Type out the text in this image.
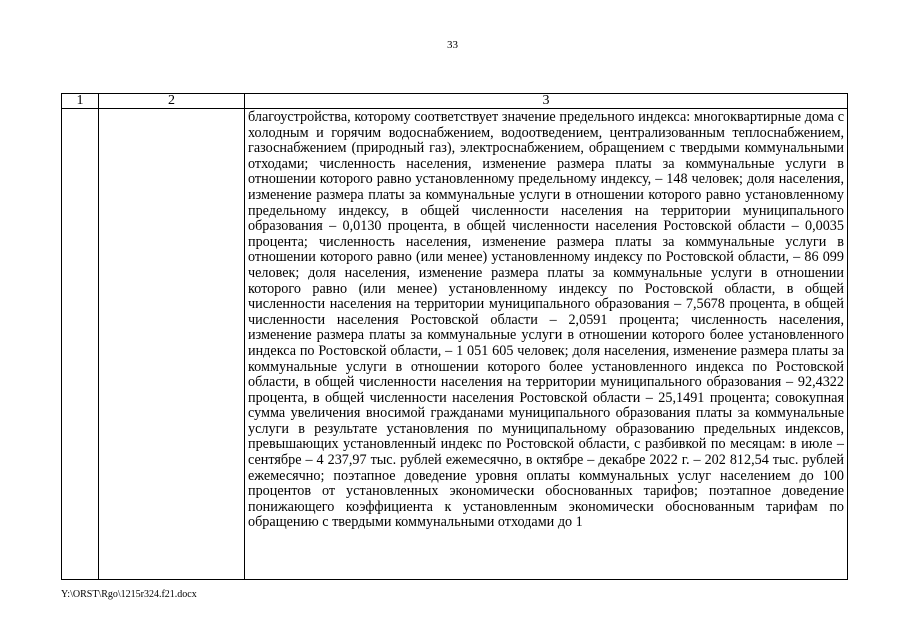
33
1	2	3
		благоустройства, которому соответствует значение предельного индекса: многоквартирные дома с холодным и горячим водоснабжением, водоотведением, централизованным теплоснабжением, газоснабжением (природный газ), электроснабжением, обращением с твердыми коммунальными отходами; численность населения, изменение размера платы за коммунальные услуги в отношении которого равно установленному предельному индексу, – 148 человек; доля населения, изменение размера платы за коммунальные услуги в отношении которого равно установленному предельному индексу, в общей численности населения на территории муниципального образования – 0,0130 процента, в общей численности населения Ростовской области – 0,0035 процента; численность населения, изменение размера платы за коммунальные услуги в отношении которого равно (или менее) установленному индексу по Ростовской области, – 86 099 человек; доля населения, изменение размера платы за коммунальные услуги в отношении которого равно (или менее) установленному индексу по Ростовской области, в общей численности населения на территории муниципального образования – 7,5678 процента, в общей численности населения Ростовской области – 2,0591 процента; численность населения, изменение размера платы за коммунальные услуги в отношении которого более установленного индекса по Ростовской области, – 1 051 605 человек; доля населения, изменение размера платы за коммунальные услуги в отношении которого более установленного индекса по Ростовской области, в общей численности населения на территории муниципального образования – 92,4322 процента, в общей численности населения Ростовской области – 25,1491 процента; совокупная сумма увеличения вносимой гражданами муниципального образования платы за коммунальные услуги в результате установления по муниципальному образованию предельных индексов, превышающих установленный индекс по Ростовской области, с разбивкой по месяцам: в июле – сентябре – 4 237,97 тыс. рублей ежемесячно, в октябре – декабре 2022 г. – 202 812,54 тыс. рублей ежемесячно; поэтапное доведение уровня оплаты коммунальных услуг населением до 100 процентов от установленных экономически обоснованных тарифов; поэтапное доведение понижающего коэффициента к установленным экономически обоснованным тарифам по обращению с твердыми коммунальными отходами до 1
Y:\ORST\Rgo\1215r324.f21.docx
